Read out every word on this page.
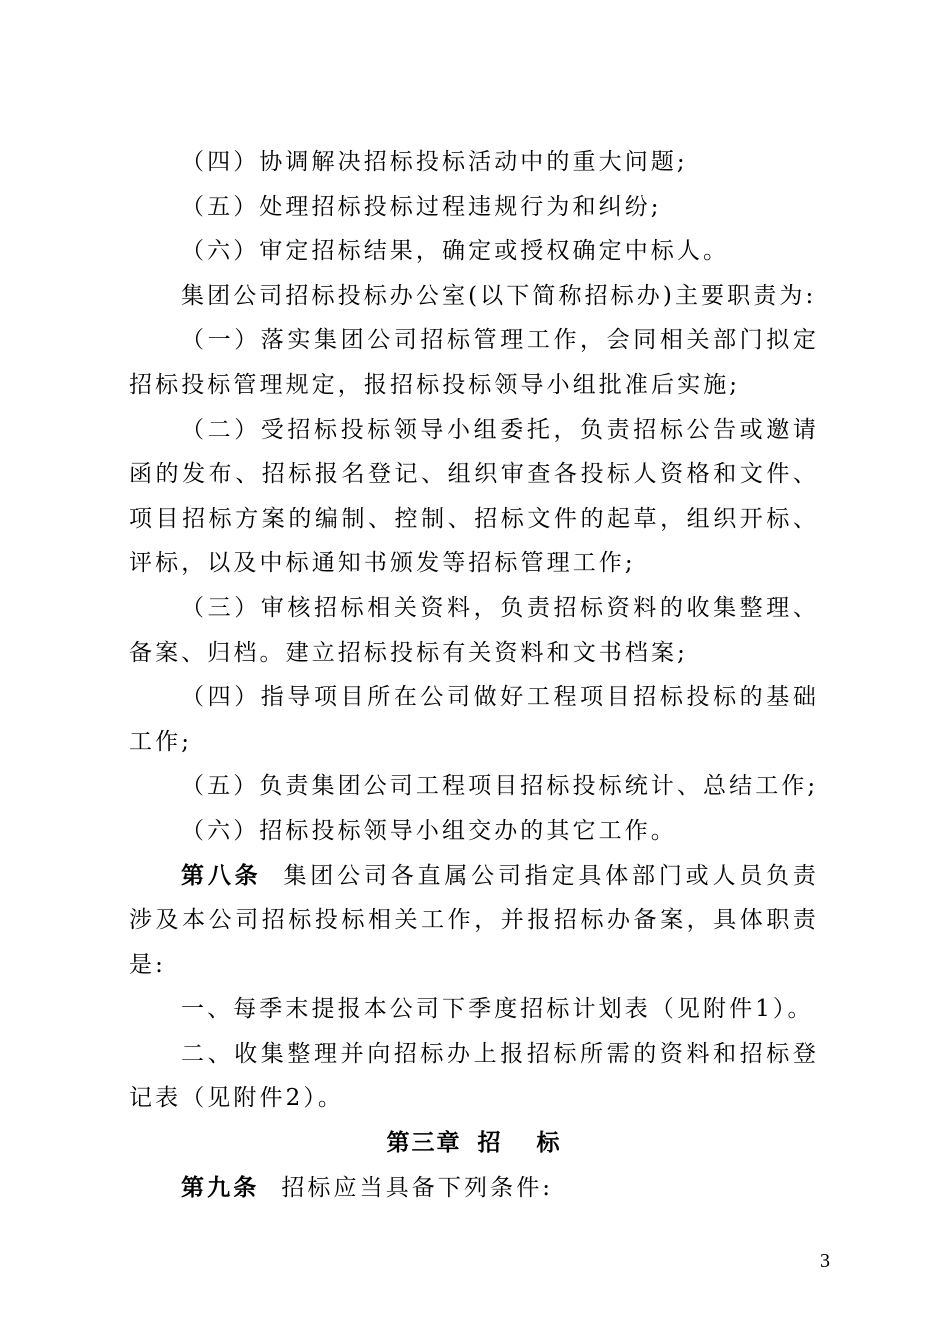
（四）协调解决招标投标活动中的重大问题;

（五）处理招标投标过程违规行为和纠纷;

（六）审定招标结果，确定或授权确定中标人。

集团公司招标投标办公室(以下简称招标办)主要职责为:

（一）落实集团公司招标管理工作，会同相关部门拟定招标投标管理规定，报招标投标领导小组批准后实施;

（二）受招标投标领导小组委托，负责招标公告或邀请函的发布、招标报名登记、组织审查各投标人资格和文件、项目招标方案的编制、控制、招标文件的起草，组织开标、评标，以及中标通知书颁发等招标管理工作;

（三）审核招标相关资料，负责招标资料的收集整理、备案、归档。建立招标投标有关资料和文书档案;

（四）指导项目所在公司做好工程项目招标投标的基础工作;

（五）负责集团公司工程项目招标投标统计、总结工作;

（六）招标投标领导小组交办的其它工作。

第八条 集团公司各直属公司指定具体部门或人员负责涉及本公司招标投标相关工作，并报招标办备案，具体职责是:

一、每季末提报本公司下季度招标计划表（见附件1）。

二、收集整理并向招标办上报招标所需的资料和招标登记表（见附件2）。

第三章 招 标

第九条 招标应当具备下列条件:

3
